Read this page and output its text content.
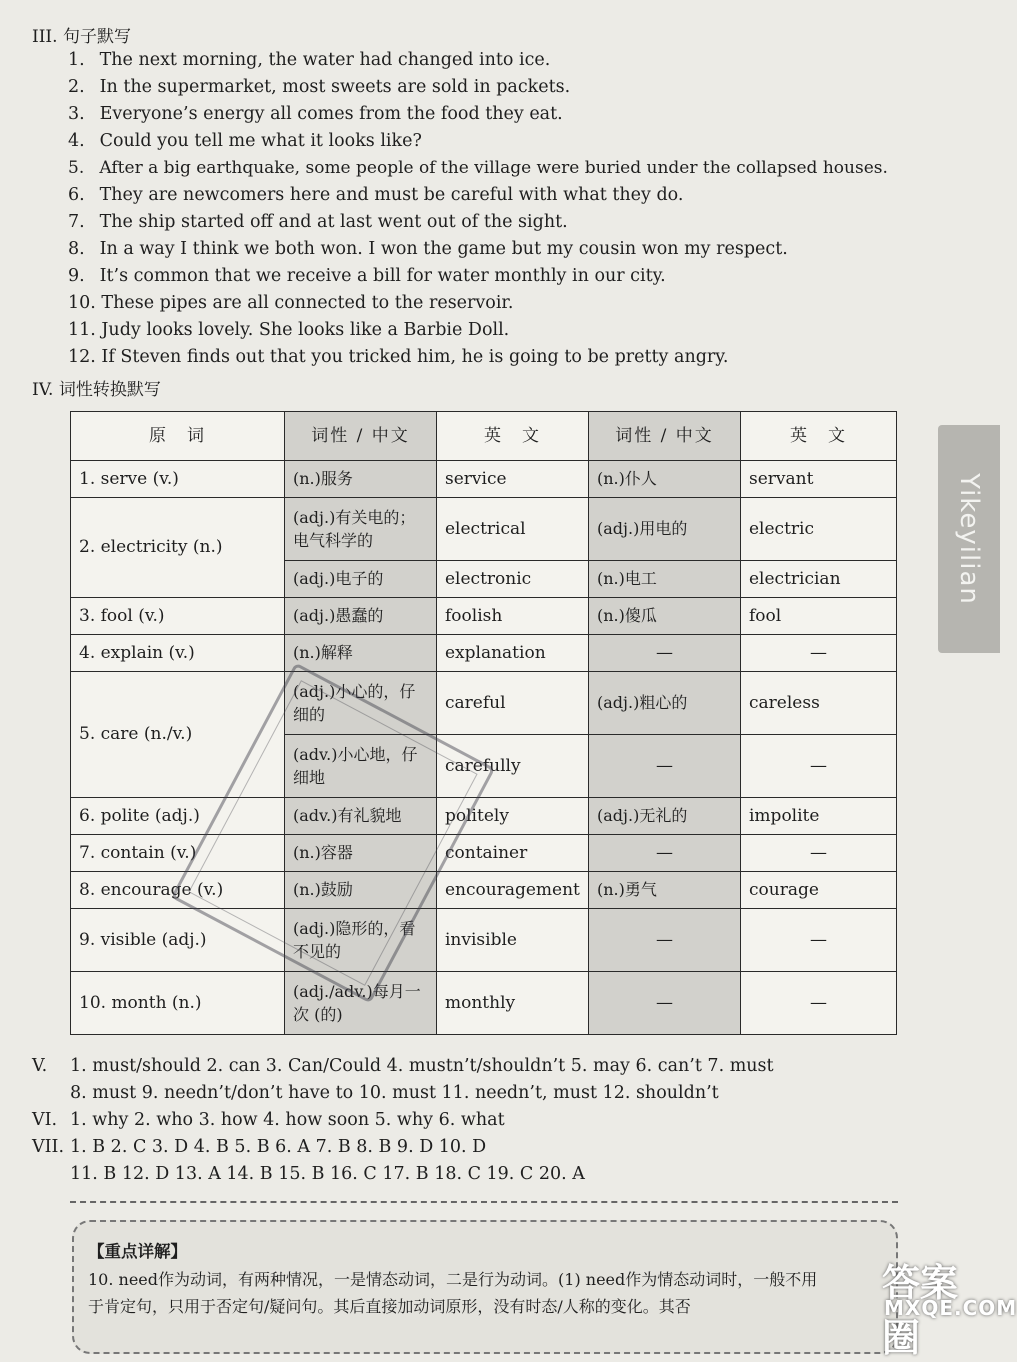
III. 句子默写
1. The next morning, the water had changed into ice.
2. In the supermarket, most sweets are sold in packets.
3. Everyone’s energy all comes from the food they eat.
4. Could you tell me what it looks like?
5. After a big earthquake, some people of the village were buried under the collapsed houses.
6. They are newcomers here and must be careful with what they do.
7. The ship started off and at last went out of the sight.
8. In a way I think we both won. I won the game but my cousin won my respect.
9. It’s common that we receive a bill for water monthly in our city.
10. These pipes are all connected to the reservoir.
11. Judy looks lovely. She looks like a Barbie Doll.
12. If Steven finds out that you tricked him, he is going to be pretty angry.
IV. 词性转换默写
原　词	词性 / 中文	英　文	词性 / 中文	英　文
1. serve (v.)	(n.)服务	service	(n.)仆人	servant
2. electricity (n.)	(adj.)有关电的；电气科学的	electrical	(adj.)用电的	electric
	(adj.)电子的	electronic	(n.)电工	electrician
3. fool (v.)	(adj.)愚蠢的	foolish	(n.)傻瓜	fool
4. explain (v.)	(n.)解释	explanation	—	—
5. care (n./v.)	(adj.)小心的，仔细的	careful	(adj.)粗心的	careless
	(adv.)小心地，仔细地	carefully	—	—
6. polite (adj.)	(adv.)有礼貌地	politely	(adj.)无礼的	impolite
7. contain (v.)	(n.)容器	container	—	—
8. encourage (v.)	(n.)鼓励	encouragement	(n.)勇气	courage
9. visible (adj.)	(adj.)隐形的，看不见的	invisible	—	—
10. month (n.)	(adj./adv.)每月一次 (的)	monthly	—	—
V. 1. must/should 2. can 3. Can/Could 4. mustn’t/shouldn’t 5. may 6. can’t 7. must
8. must 9. needn’t/don’t have to 10. must 11. needn’t, must 12. shouldn’t
VI. 1. why 2. who 3. how 4. how soon 5. why 6. what
VII. 1. B 2. C 3. D 4. B 5. B 6. A 7. B 8. B 9. D 10. D
11. B 12. D 13. A 14. B 15. B 16. C 17. B 18. C 19. C 20. A
【重点详解】
10. need作为动词，有两种情况，一是情态动词，二是行为动词。(1) need作为情态动词时，一般不用
于肯定句，只用于否定句/疑问句。其后直接加动词原形，没有时态/人称的变化。其否
Yikeyilian
答案圈
MXQE.COM
